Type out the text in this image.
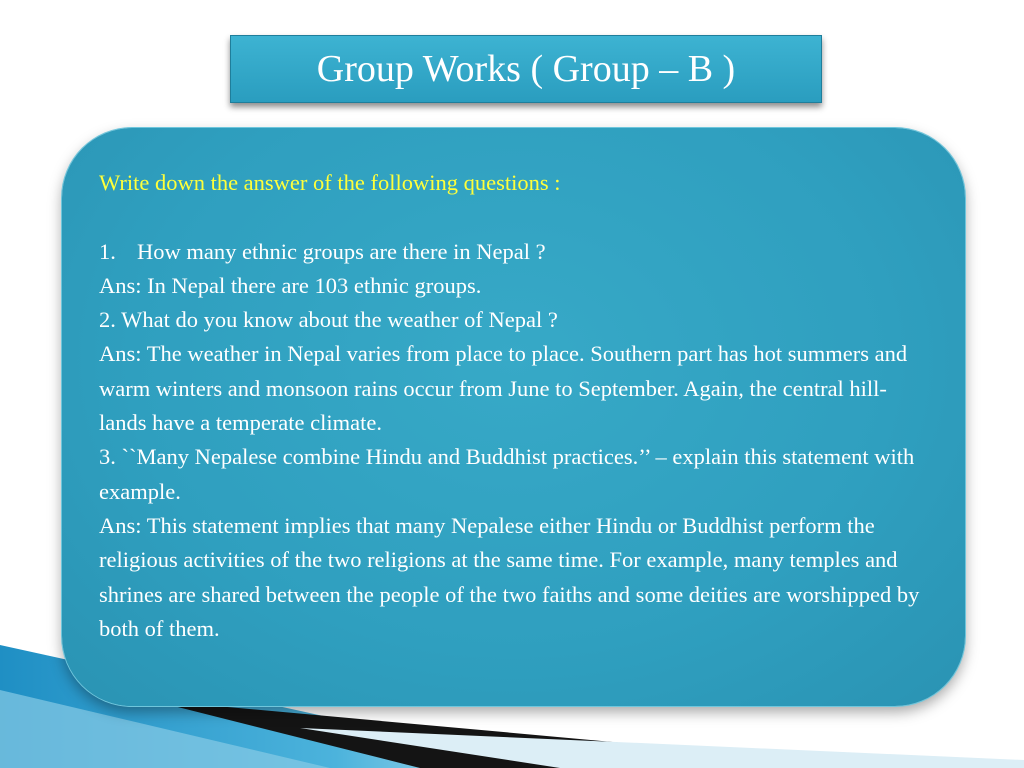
Group Works ( Group – B )
Write down the answer of the following questions :
1. How many ethnic groups are there in Nepal ?
Ans: In Nepal there are 103 ethnic groups.
2. What do you know about the weather of Nepal ?
Ans: The weather in Nepal varies from place to place. Southern part has hot summers and warm winters and monsoon rains occur from June to September. Again, the central hill-lands have a temperate climate.
3. ``Many Nepalese combine Hindu and Buddhist practices.’’ – explain this statement with example.
Ans: This statement implies that many Nepalese either Hindu or Buddhist perform the religious activities of the two religions at the same time. For example, many temples and shrines are shared between the people of the two faiths and some deities are worshipped by both of them.
